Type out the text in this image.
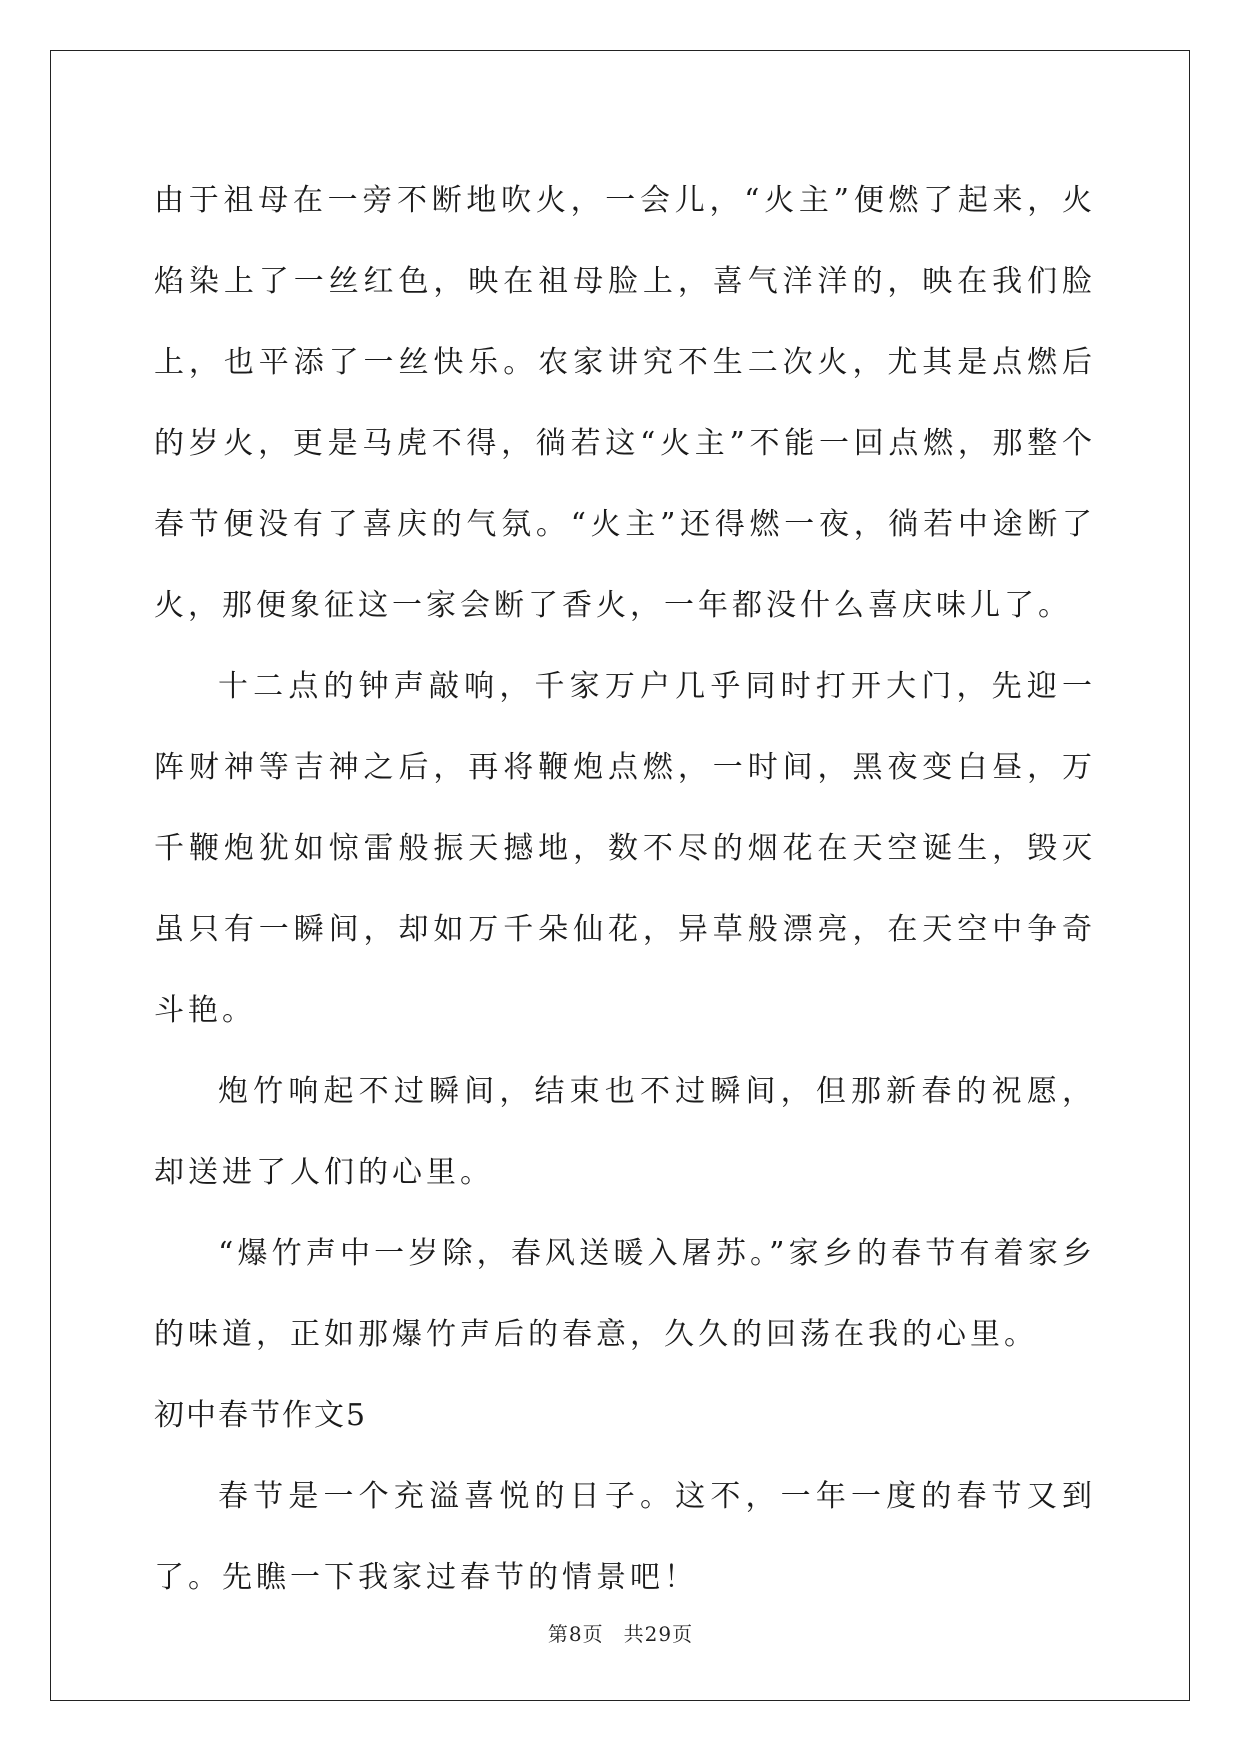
由于祖母在一旁不断地吹火，一会儿，“火主”便燃了起来，火焰染上了一丝红色，映在祖母脸上，喜气洋洋的，映在我们脸上，也平添了一丝快乐。农家讲究不生二次火，尤其是点燃后的岁火，更是马虎不得，徜若这“火主”不能一回点燃，那整个春节便没有了喜庆的气氛。“火主”还得燃一夜，徜若中途断了火，那便象征这一家会断了香火，一年都没什么喜庆味儿了。

十二点的钟声敲响，千家万户几乎同时打开大门，先迎一阵财神等吉神之后，再将鞭炮点燃，一时间，黑夜变白昼，万千鞭炮犹如惊雷般振天撼地，数不尽的烟花在天空诞生，毁灭虽只有一瞬间，却如万千朵仙花，异草般漂亮，在天空中争奇斗艳。

炮竹响起不过瞬间，结束也不过瞬间，但那新春的祝愿，却送进了人们的心里。

“爆竹声中一岁除，春风送暖入屠苏。”家乡的春节有着家乡的味道，正如那爆竹声后的春意，久久的回荡在我的心里。

初中春节作文5

春节是一个充溢喜悦的日子。这不，一年一度的春节又到了。先瞧一下我家过春节的情景吧！

第8页 共29页
